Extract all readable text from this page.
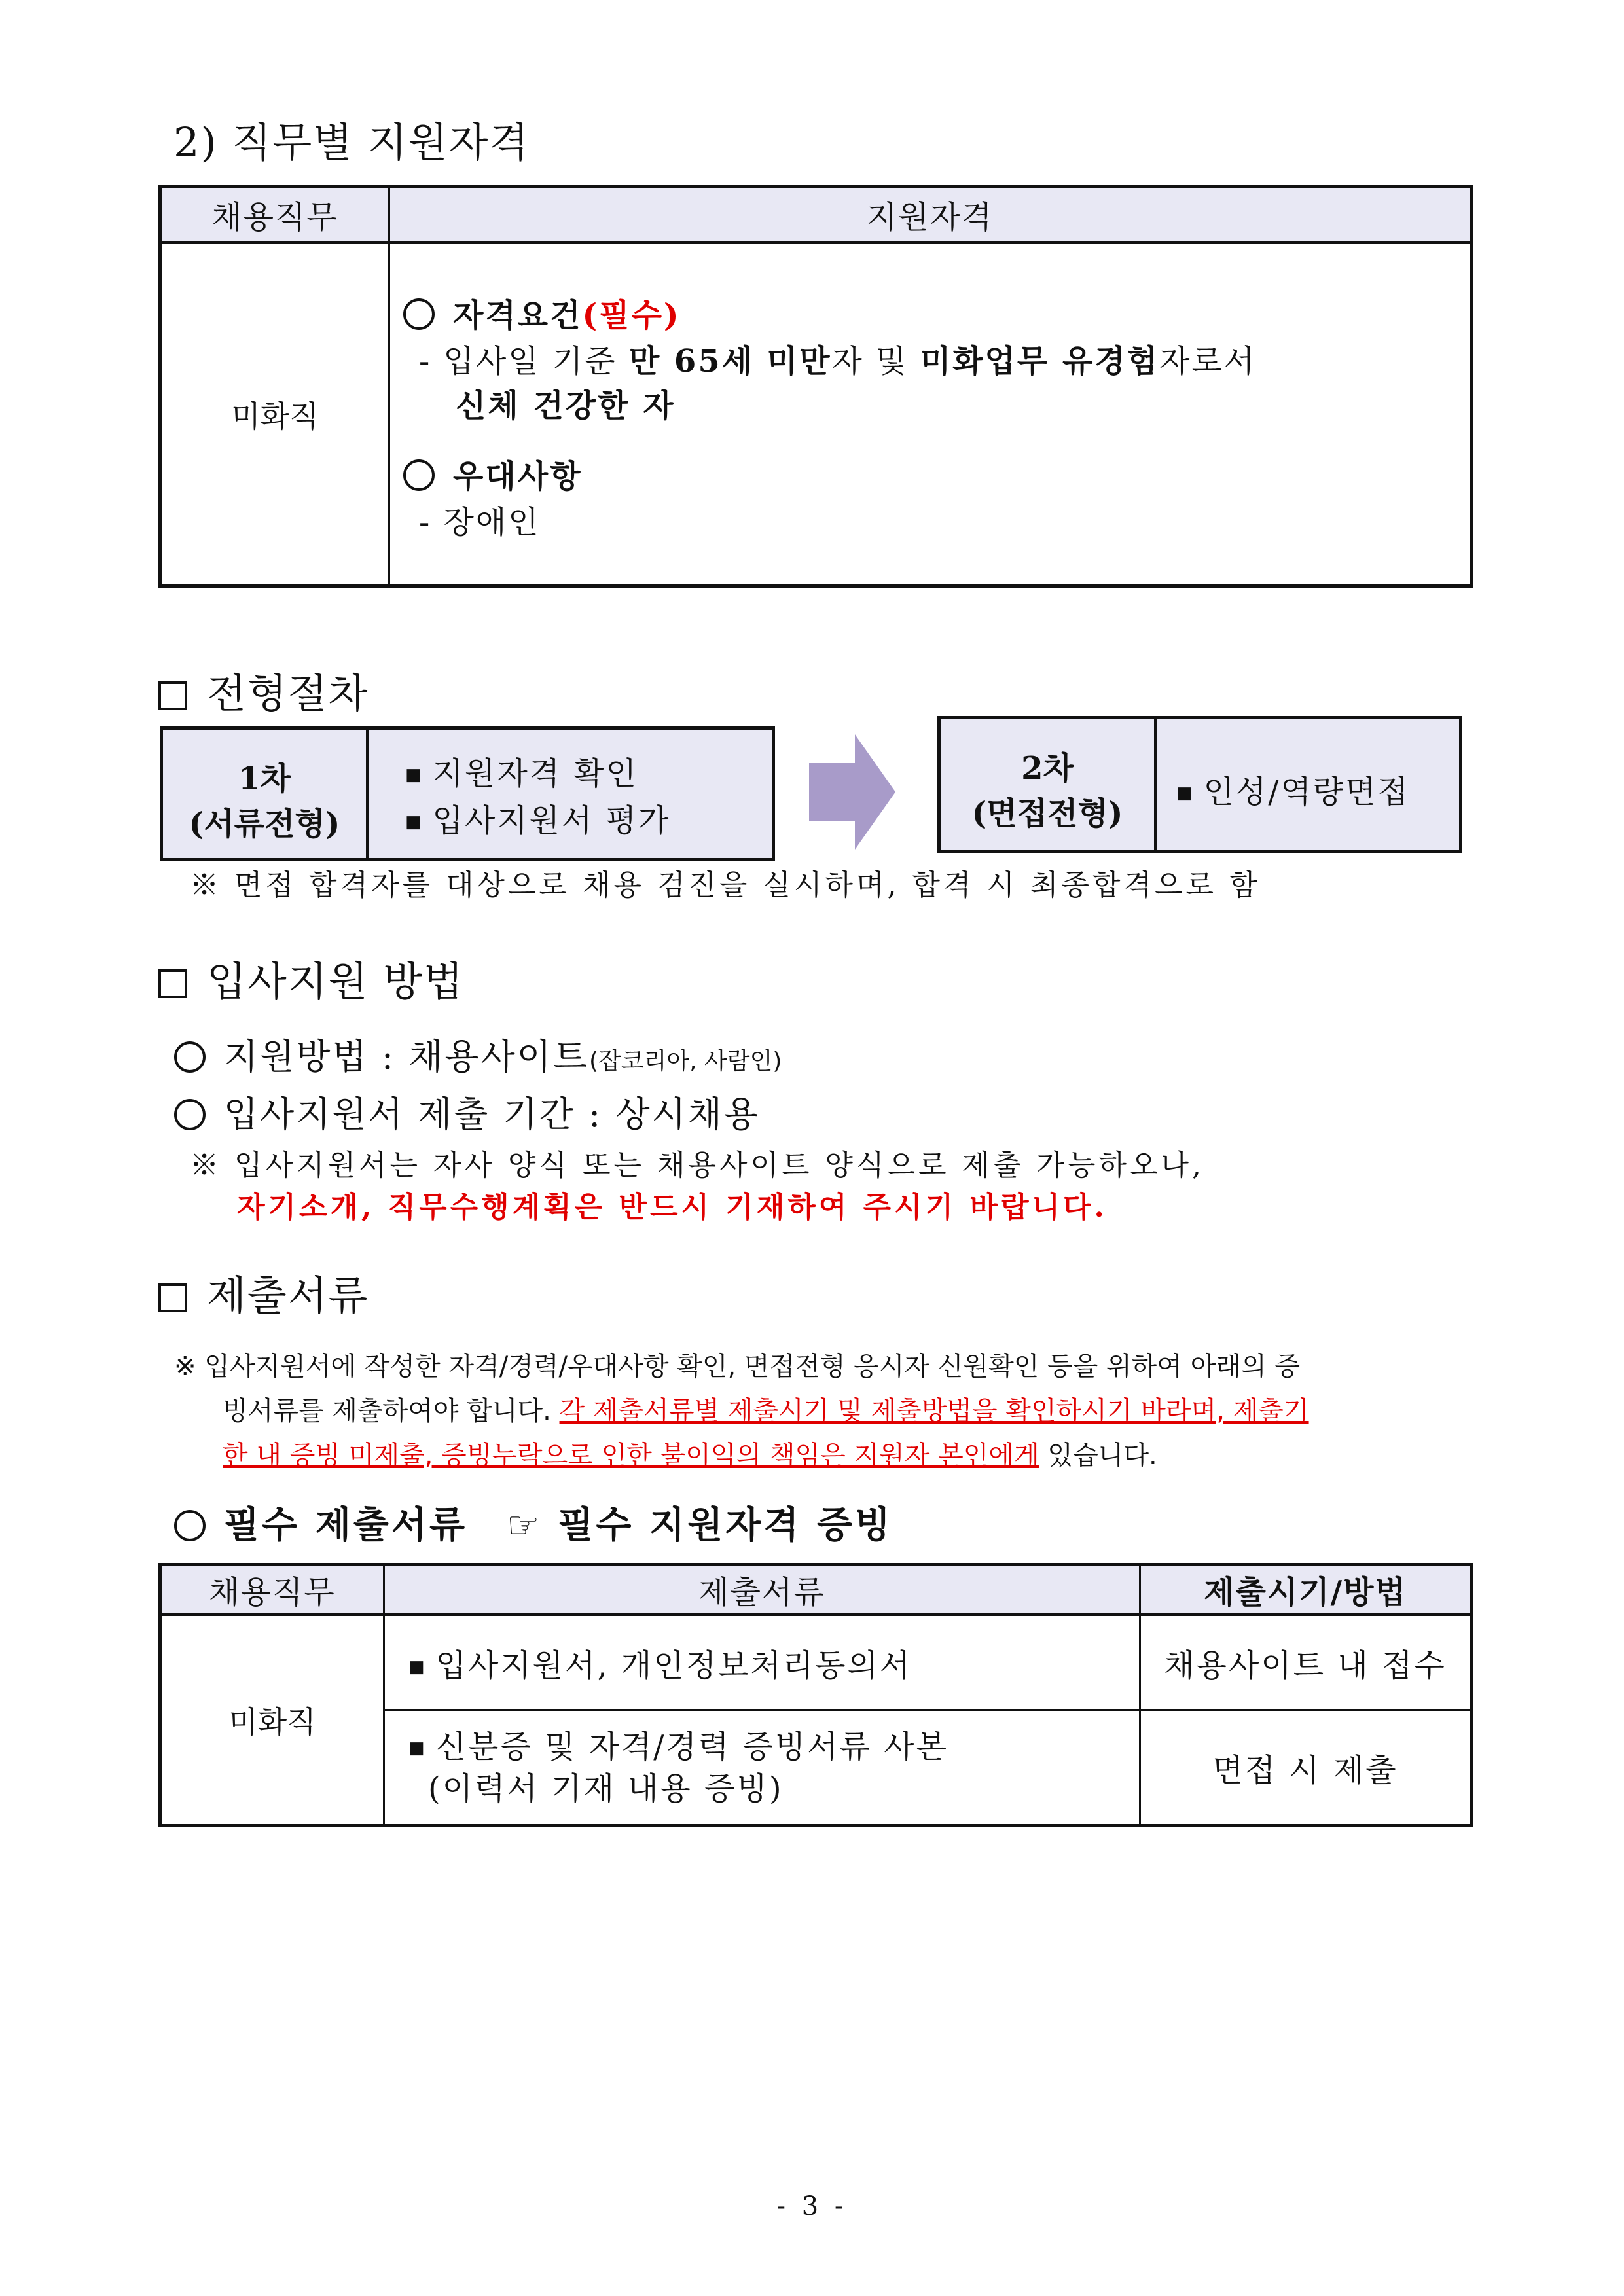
2) 직무별 지원자격
채용직무	지원자격
미화직	자격요건(필수)
- 입사일 기준 만 65세 미만자 및 미화업무 유경험자로서
신체 건강한 자
우대사항
- 장애인
전형절차
1차
(서류전형)
■ 지원자격 확인
■ 입사지원서 평가
2차
(면접전형)
■ 인성/역량면접
※ 면접 합격자를 대상으로 채용 검진을 실시하며, 합격 시 최종합격으로 함
입사지원 방법
지원방법 : 채용사이트(잡코리아, 사람인)
입사지원서 제출 기간 : 상시채용
※ 입사지원서는 자사 양식 또는 채용사이트 양식으로 제출 가능하오나,
자기소개, 직무수행계획은 반드시 기재하여 주시기 바랍니다.
제출서류
※ 입사지원서에 작성한 자격/경력/우대사항 확인, 면접전형 응시자 신원확인 등을 위하여 아래의 증
빙서류를 제출하여야 합니다. 각 제출서류별 제출시기 및 제출방법을 확인하시기 바라며, 제출기
한 내 증빙 미제출, 증빙누락으로 인한 불이익의 책임은 지원자 본인에게 있습니다.
필수 제출서류 ☞ 필수 지원자격 증빙
채용직무	제출서류	제출시기/방법
미화직	■ 입사지원서, 개인정보처리동의서	채용사이트 내 접수

	■ 신분증 및 자격/경력 증빙서류 사본
(이력서 기재 내용 증빙)	면접 시 제출
- 3 -
